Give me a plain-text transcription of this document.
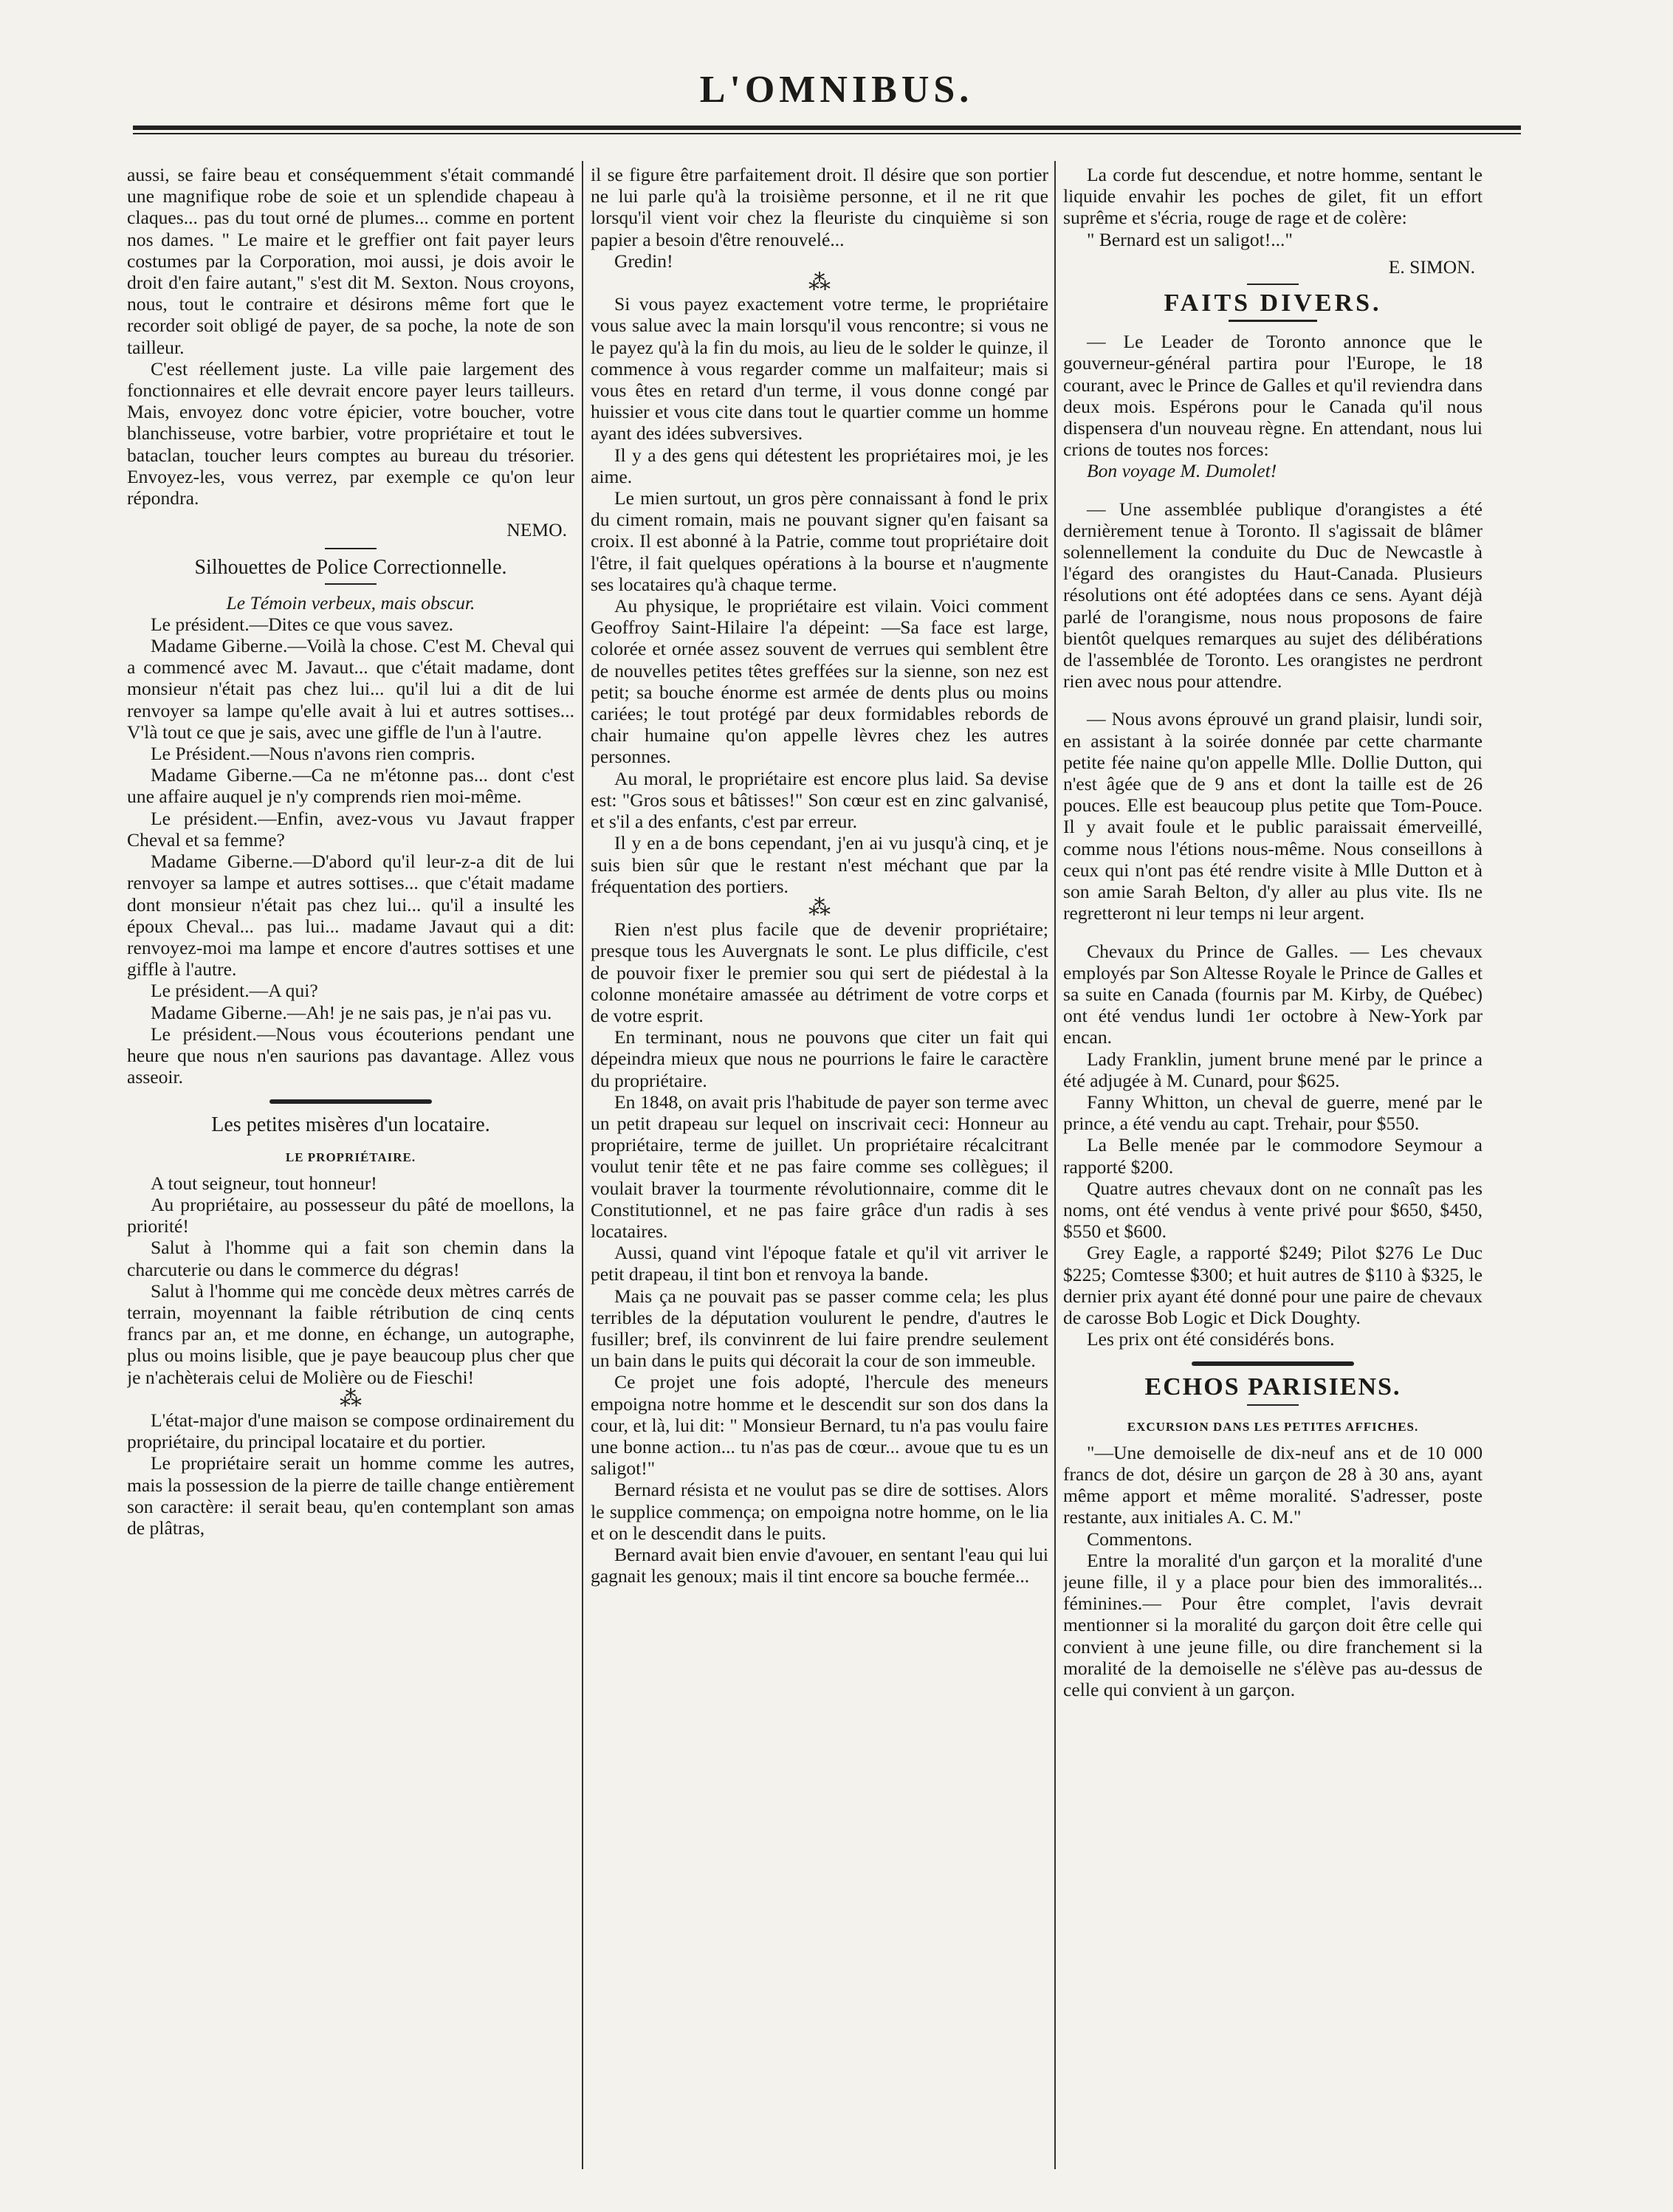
L'OMNIBUS.

aussi, se faire beau et conséquemment s'était commandé une magnifique robe de soie et un splendide chapeau à claques... pas du tout orné de plumes... comme en portent nos dames. " Le maire et le greffier ont fait payer leurs costumes par la Corporation, moi aussi, je dois avoir le droit d'en faire autant," s'est dit M. Sexton. Nous croyons, nous, tout le contraire et désirons même fort que le recorder soit obligé de payer, de sa poche, la note de son tailleur.

C'est réellement juste. La ville paie largement des fonctionnaires et elle devrait encore payer leurs tailleurs. Mais, envoyez donc votre épicier, votre boucher, votre blanchisseuse, votre barbier, votre propriétaire et tout le bataclan, toucher leurs comptes au bureau du trésorier. Envoyez-les, vous verrez, par exemple ce qu'on leur répondra.

NEMO.

Silhouettes de Police Correctionnelle.

Le Témoin verbeux, mais obscur.

Le président.—Dites ce que vous savez.

Madame Giberne.—Voilà la chose. C'est M. Cheval qui a commencé avec M. Javaut... que c'était madame, dont monsieur n'était pas chez lui... qu'il lui a dit de lui renvoyer sa lampe qu'elle avait à lui et autres sottises... V'là tout ce que je sais, avec une giffle de l'un à l'autre.

Le Président.—Nous n'avons rien compris.

Madame Giberne.—Ca ne m'étonne pas... dont c'est une affaire auquel je n'y comprends rien moi-même.

Le président.—Enfin, avez-vous vu Javaut frapper Cheval et sa femme?

Madame Giberne.—D'abord qu'il leur-z-a dit de lui renvoyer sa lampe et autres sottises... que c'était madame dont monsieur n'était pas chez lui... qu'il a insulté les époux Cheval... pas lui... madame Javaut qui a dit: renvoyez-moi ma lampe et encore d'autres sottises et une giffle à l'autre.

Le président.—A qui?

Madame Giberne.—Ah! je ne sais pas, je n'ai pas vu.

Le président.—Nous vous écouterions pendant une heure que nous n'en saurions pas davantage. Allez vous asseoir.

Les petites misères d'un locataire.
LE PROPRIÉTAIRE.

A tout seigneur, tout honneur!

Au propriétaire, au possesseur du pâté de moellons, la priorité!

Salut à l'homme qui a fait son chemin dans la charcuterie ou dans le commerce du dégras!

Salut à l'homme qui me concède deux mètres carrés de terrain, moyennant la faible rétribution de cinq cents francs par an, et me donne, en échange, un autographe, plus ou moins lisible, que je paye beaucoup plus cher que je n'achèterais celui de Molière ou de Fieschi!

⁂

L'état-major d'une maison se compose ordinairement du propriétaire, du principal locataire et du portier.

Le propriétaire serait un homme comme les autres, mais la possession de la pierre de taille change entièrement son caractère: il serait beau, qu'en contemplant son amas de plâtras,

il se figure être parfaitement droit. Il désire que son portier ne lui parle qu'à la troisième personne, et il ne rit que lorsqu'il vient voir chez la fleuriste du cinquième si son papier a besoin d'être renouvelé...

Gredin!

⁂

Si vous payez exactement votre terme, le propriétaire vous salue avec la main lorsqu'il vous rencontre; si vous ne le payez qu'à la fin du mois, au lieu de le solder le quinze, il commence à vous regarder comme un malfaiteur; mais si vous êtes en retard d'un terme, il vous donne congé par huissier et vous cite dans tout le quartier comme un homme ayant des idées subversives.

Il y a des gens qui détestent les propriétaires moi, je les aime.

Le mien surtout, un gros père connaissant à fond le prix du ciment romain, mais ne pouvant signer qu'en faisant sa croix. Il est abonné à la Patrie, comme tout propriétaire doit l'être, il fait quelques opérations à la bourse et n'augmente ses locataires qu'à chaque terme.

Au physique, le propriétaire est vilain. Voici comment Geoffroy Saint-Hilaire l'a dépeint: —Sa face est large, colorée et ornée assez souvent de verrues qui semblent être de nouvelles petites têtes greffées sur la sienne, son nez est petit; sa bouche énorme est armée de dents plus ou moins cariées; le tout protégé par deux formidables rebords de chair humaine qu'on appelle lèvres chez les autres personnes.

Au moral, le propriétaire est encore plus laid. Sa devise est: "Gros sous et bâtisses!" Son cœur est en zinc galvanisé, et s'il a des enfants, c'est par erreur.

Il y en a de bons cependant, j'en ai vu jusqu'à cinq, et je suis bien sûr que le restant n'est méchant que par la fréquentation des portiers.

⁂

Rien n'est plus facile que de devenir propriétaire; presque tous les Auvergnats le sont. Le plus difficile, c'est de pouvoir fixer le premier sou qui sert de piédestal à la colonne monétaire amassée au détriment de votre corps et de votre esprit.

En terminant, nous ne pouvons que citer un fait qui dépeindra mieux que nous ne pourrions le faire le caractère du propriétaire.

En 1848, on avait pris l'habitude de payer son terme avec un petit drapeau sur lequel on inscrivait ceci: Honneur au propriétaire, terme de juillet. Un propriétaire récalcitrant voulut tenir tête et ne pas faire comme ses collègues; il voulait braver la tourmente révolutionnaire, comme dit le Constitutionnel, et ne pas faire grâce d'un radis à ses locataires.

Aussi, quand vint l'époque fatale et qu'il vit arriver le petit drapeau, il tint bon et renvoya la bande.

Mais ça ne pouvait pas se passer comme cela; les plus terribles de la députation voulurent le pendre, d'autres le fusiller; bref, ils convinrent de lui faire prendre seulement un bain dans le puits qui décorait la cour de son immeuble.

Ce projet une fois adopté, l'hercule des meneurs empoigna notre homme et le descendit sur son dos dans la cour, et là, lui dit: " Monsieur Bernard, tu n'a pas voulu faire une bonne action... tu n'as pas de cœur... avoue que tu es un saligot!"

Bernard résista et ne voulut pas se dire de sottises. Alors le supplice commença; on empoigna notre homme, on le lia et on le descendit dans le puits.

Bernard avait bien envie d'avouer, en sentant l'eau qui lui gagnait les genoux; mais il tint encore sa bouche fermée...

La corde fut descendue, et notre homme, sentant le liquide envahir les poches de gilet, fit un effort suprême et s'écria, rouge de rage et de colère:

" Bernard est un saligot!..."

E. SIMON.

FAITS DIVERS.

— Le Leader de Toronto annonce que le gouverneur-général partira pour l'Europe, le 18 courant, avec le Prince de Galles et qu'il reviendra dans deux mois. Espérons pour le Canada qu'il nous dispensera d'un nouveau règne. En attendant, nous lui crions de toutes nos forces:

Bon voyage M. Dumolet!

— Une assemblée publique d'orangistes a été dernièrement tenue à Toronto. Il s'agissait de blâmer solennellement la conduite du Duc de Newcastle à l'égard des orangistes du Haut-Canada. Plusieurs résolutions ont été adoptées dans ce sens. Ayant déjà parlé de l'orangisme, nous nous proposons de faire bientôt quelques remarques au sujet des délibérations de l'assemblée de Toronto. Les orangistes ne perdront rien avec nous pour attendre.

— Nous avons éprouvé un grand plaisir, lundi soir, en assistant à la soirée donnée par cette charmante petite fée naine qu'on appelle Mlle. Dollie Dutton, qui n'est âgée que de 9 ans et dont la taille est de 26 pouces. Elle est beaucoup plus petite que Tom-Pouce. Il y avait foule et le public paraissait émerveillé, comme nous l'étions nous-même. Nous conseillons à ceux qui n'ont pas été rendre visite à Mlle Dutton et à son amie Sarah Belton, d'y aller au plus vite. Ils ne regretteront ni leur temps ni leur argent.

Chevaux du Prince de Galles. — Les chevaux employés par Son Altesse Royale le Prince de Galles et sa suite en Canada (fournis par M. Kirby, de Québec) ont été vendus lundi 1er octobre à New-York par encan.

Lady Franklin, jument brune mené par le prince a été adjugée à M. Cunard, pour $625.

Fanny Whitton, un cheval de guerre, mené par le prince, a été vendu au capt. Trehair, pour $550.

La Belle menée par le commodore Seymour a rapporté $200.

Quatre autres chevaux dont on ne connaît pas les noms, ont été vendus à vente privé pour $650, $450, $550 et $600.

Grey Eagle, a rapporté $249; Pilot $276 Le Duc $225; Comtesse $300; et huit autres de $110 à $325, le dernier prix ayant été donné pour une paire de chevaux de carosse Bob Logic et Dick Doughty.

Les prix ont été considérés bons.

ECHOS PARISIENS.
EXCURSION DANS LES PETITES AFFICHES.

"—Une demoiselle de dix-neuf ans et de 10 000 francs de dot, désire un garçon de 28 à 30 ans, ayant même apport et même moralité. S'adresser, poste restante, aux initiales A. C. M."

Commentons.

Entre la moralité d'un garçon et la moralité d'une jeune fille, il y a place pour bien des immoralités... féminines.— Pour être complet, l'avis devrait mentionner si la moralité du garçon doit être celle qui convient à une jeune fille, ou dire franchement si la moralité de la demoiselle ne s'élève pas au-dessus de celle qui convient à un garçon.
